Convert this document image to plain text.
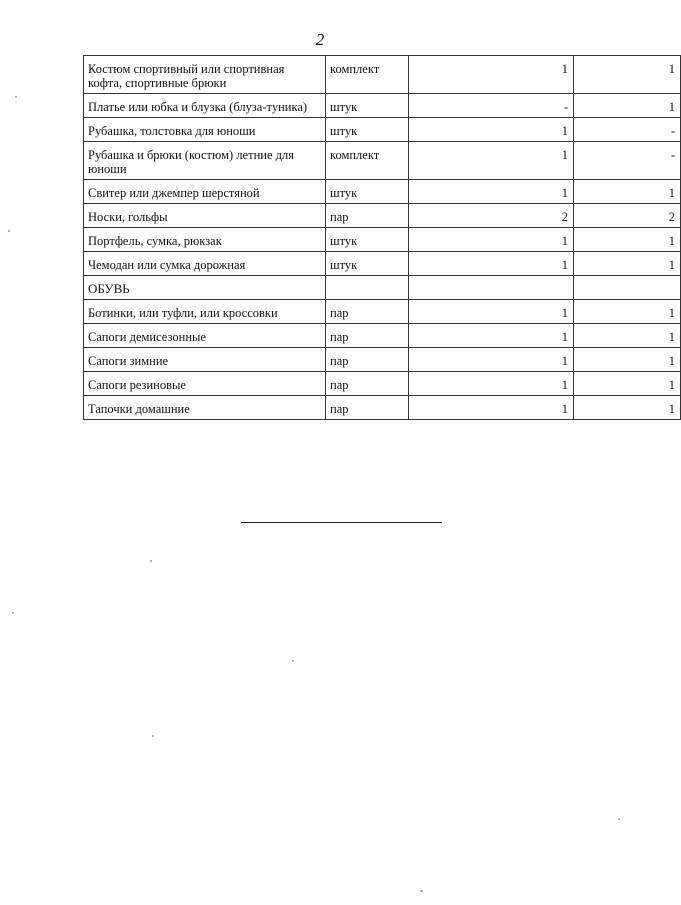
2
Костюм спортивный или спортивная кофта, спортивные брюки	комплект	1	1
Платье или юбка и блузка (блуза-туника)	штук	-	1
Рубашка, толстовка для юноши	штук	1	-
Рубашка и брюки (костюм) летние для юноши	комплект	1	-
Свитер или джемпер шерстяной	штук	1	1
Носки, гольфы	пар	2	2
Портфель, сумка, рюкзак	штук	1	1
Чемодан или сумка дорожная	штук	1	1
ОБУВЬ			
Ботинки, или туфли, или кроссовки	пар	1	1
Сапоги демисезонные	пар	1	1
Сапоги зимние	пар	1	1
Сапоги резиновые	пар	1	1
Тапочки домашние	пар	1	1
